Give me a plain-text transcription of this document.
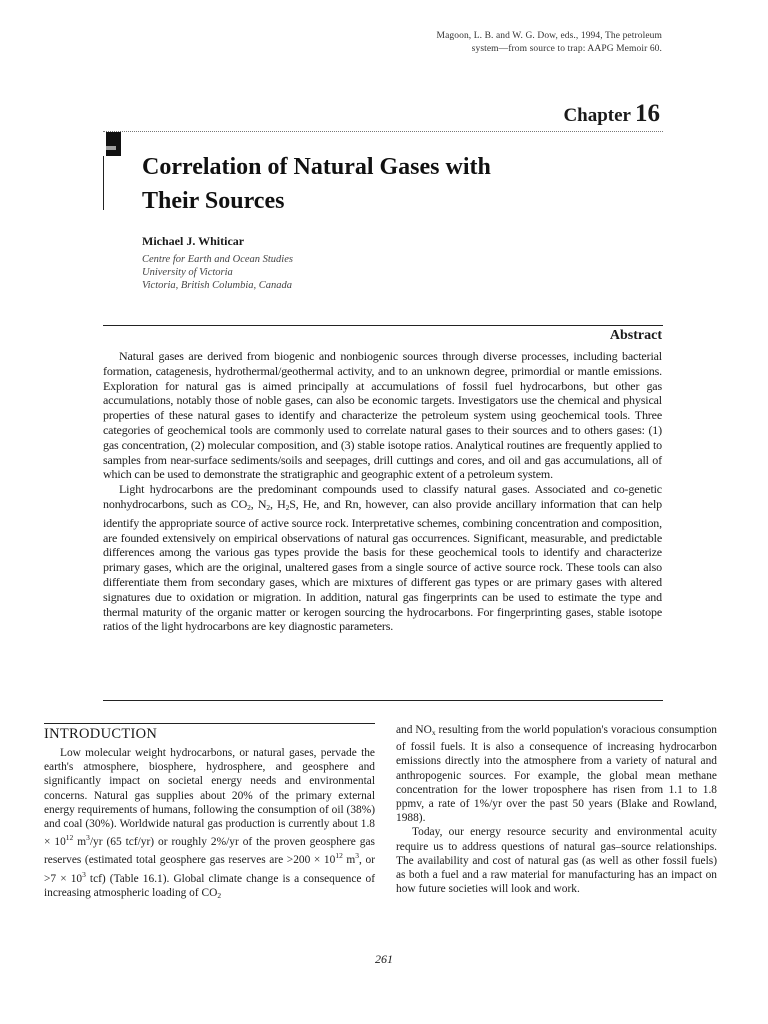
Magoon, L. B. and W. G. Dow, eds., 1994, The petroleum
system—from source to trap: AAPG Memoir 60.
Chapter 16
Correlation of Natural Gases with
Their Sources
Michael J. Whiticar
Centre for Earth and Ocean Studies
University of Victoria
Victoria, British Columbia, Canada
Abstract

Natural gases are derived from biogenic and nonbiogenic sources through diverse processes, including bacterial formation, catagenesis, hydrothermal/geothermal activity, and to an unknown degree, primordial or mantle emissions. Exploration for natural gas is aimed principally at accumulations of fossil fuel hydrocarbons, but other gas accumulations, notably those of noble gases, can also be economic targets. Investigators use the chemical and physical properties of these natural gases to identify and characterize the petroleum system using geochemical tools. Three categories of geochemical tools are commonly used to correlate natural gases to their sources and to others gases: (1) gas concentration, (2) molecular composition, and (3) stable isotope ratios. Analytical routines are frequently applied to samples from near-surface sediments/soils and seepages, drill cuttings and cores, and oil and gas accumulations, all of which can be used to demonstrate the stratigraphic and geographic extent of a petroleum system.

Light hydrocarbons are the predominant compounds used to classify natural gases. Associated and co-genetic nonhydrocarbons, such as $CO_2$, $N_2$, $H_2S$, He, and Rn, however, can also provide ancillary information that can help identify the appropriate source of active source rock. Interpretative schemes, combining concentration and composition, are founded extensively on empirical observations of natural gas occurrences. Significant, measurable, and predictable differences among the various gas types provide the basis for these geochemical tools to identify and characterize primary gases, which are the original, unaltered gases from a single source of active source rock. These tools can also differentiate them from secondary gases, which are mixtures of different gas types or are primary gases with altered signatures due to oxidation or migration. In addition, natural gas fingerprints can be used to estimate the type and thermal maturity of the organic matter or kerogen sourcing the hydrocarbons. For fingerprinting gases, stable isotope ratios of the light hydrocarbons are key diagnostic parameters.

INTRODUCTION

Low molecular weight hydrocarbons, or natural gases, pervade the earth's atmosphere, biosphere, hydrosphere, and geosphere and significantly impact on societal energy needs and environmental concerns. Natural gas supplies about 20% of the primary external energy requirements of humans, following the consumption of oil (38%) and coal (30%). Worldwide natural gas production is currently about $1.8 \times 10^{12}$ $m^3/yr$ (65 tcf/yr) or roughly 2%/yr of the proven geosphere gas reserves (estimated total geosphere gas reserves are $>200 \times 10^{12}$ $m^3$, or $>7 \times 10^3$ tcf) (Table 16.1). Global climate change is a consequence of increasing atmospheric loading of $CO_2$

and $NO_x$ resulting from the world population's voracious consumption of fossil fuels. It is also a consequence of increasing hydrocarbon emissions directly into the atmosphere from a variety of natural and anthropogenic sources. For example, the global mean methane concentration for the lower troposphere has risen from 1.1 to 1.8 ppmv, a rate of 1%/yr over the past 50 years (Blake and Rowland, 1988).

Today, our energy resource security and environmental acuity require us to address questions of natural gas–source relationships. The availability and cost of natural gas (as well as other fossil fuels) as both a fuel and a raw material for manufacturing has an impact on how future societies will look and work.

261
